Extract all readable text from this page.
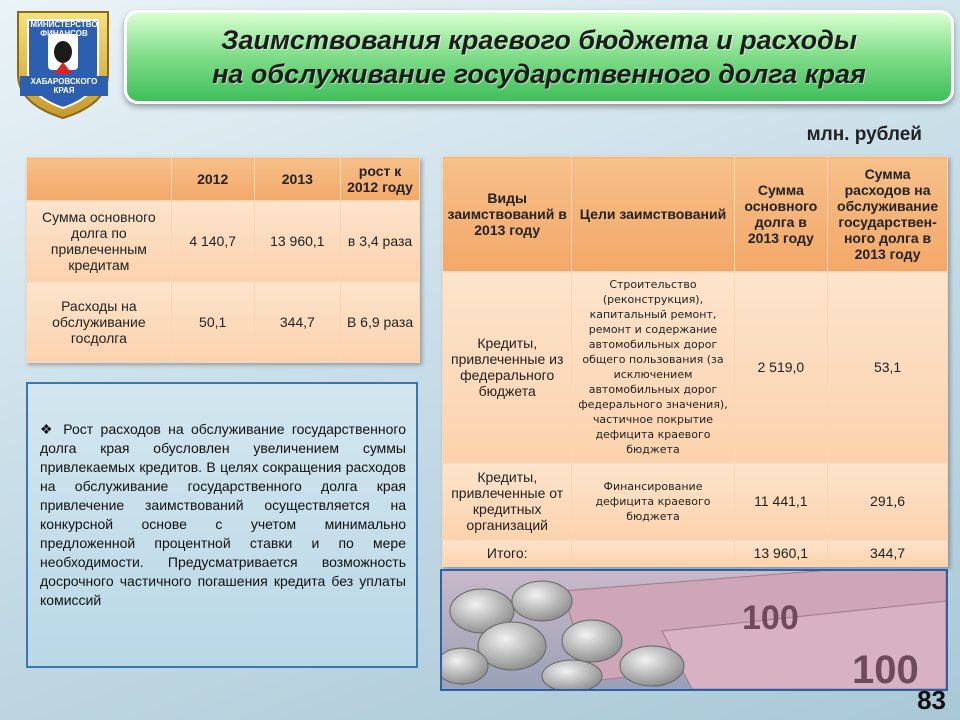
МИНИСТЕРСТВО
ФИНАНСОВ
ХАБАРОВСКОГО
КРАЯ
Заимствования краевого бюджета и расходы
на обслуживание государственного долга края
млн. рублей
	2012	2013	рост к 2012 году
Сумма основного долга по привлеченным кредитам	4 140,7	13 960,1	в 3,4 раза
Расходы на обслуживание госдолга	50,1	344,7	В 6,9 раза
❖ Рост расходов на обслуживание государственного долга края обусловлен увеличением суммы привлекаемых кредитов. В целях сокращения расходов на обслуживание государственного долга края привлечение заимствований осуществляется на конкурсной основе с учетом минимально предложенной процентной ставки и по мере необходимости. Предусматривается возможность досрочного частичного погашения кредита без уплаты комиссий
Виды заимствований в 2013 году	Цели заимствований	Сумма основного долга в 2013 году	Сумма расходов на обслуживание государствен-ного долга в 2013 году
Кредиты, привлеченные из федерального бюджета	Строительство (реконструкция), капитальный ремонт, ремонт и содержание автомобильных дорог общего пользования (за исключением автомобильных дорог федерального значения), частичное покрытие дефицита краевого бюджета	2 519,0	53,1
Кредиты, привлеченные от кредитных организаций	Финансирование дефицита краевого бюджета	11 441,1	291,6
Итого:		13 960,1	344,7
100
100
83
